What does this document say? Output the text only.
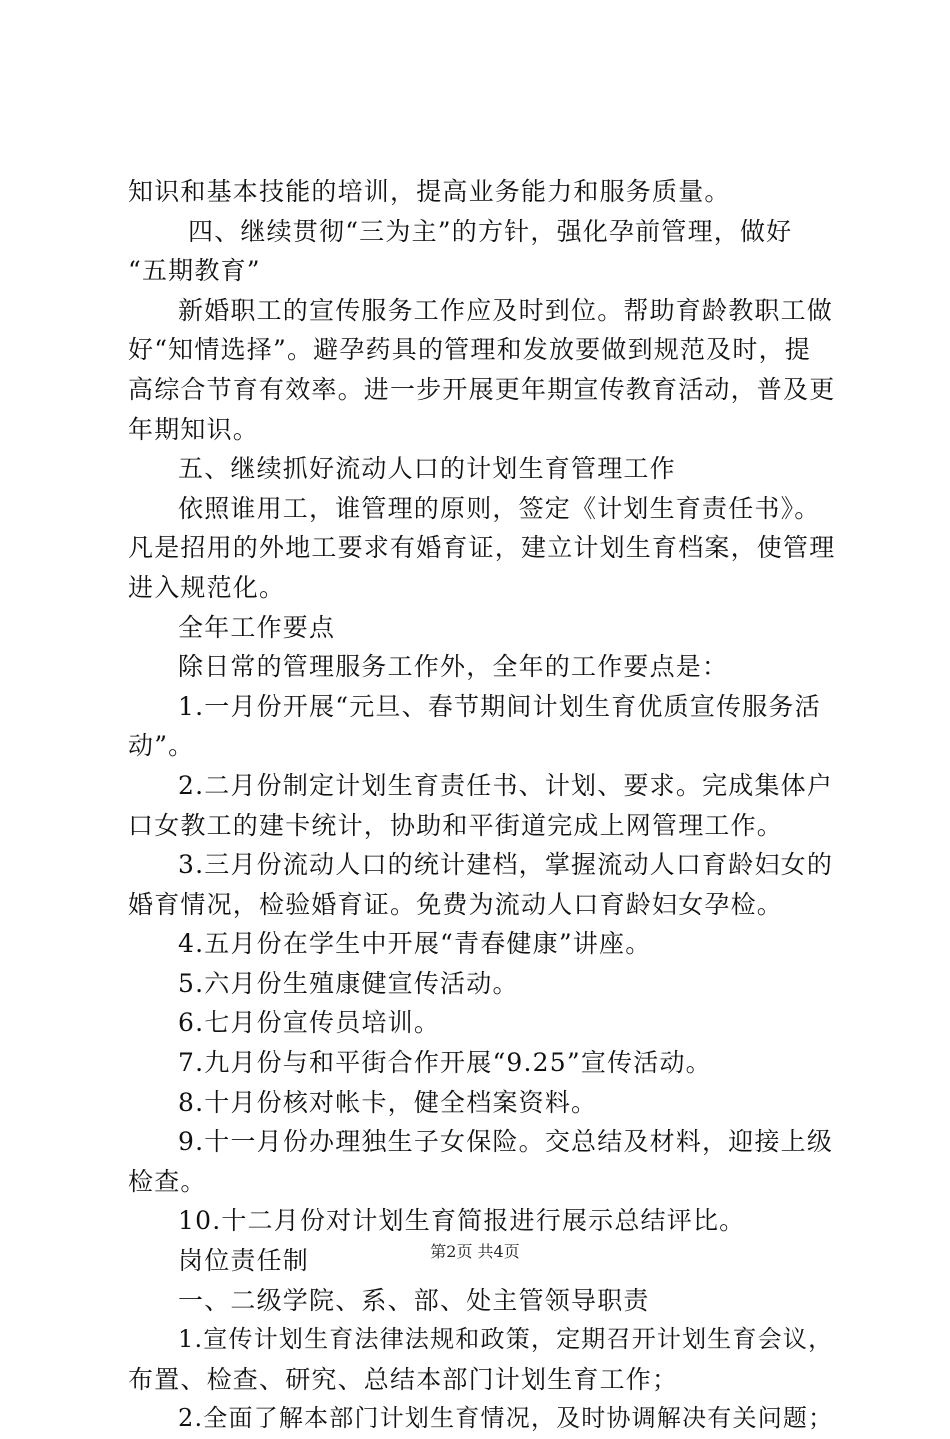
知识和基本技能的培训，提高业务能力和服务质量。
四、继续贯彻“三为主”的方针，强化孕前管理，做好
“五期教育”
新婚职工的宣传服务工作应及时到位。帮助育龄教职工做
好“知情选择”。避孕药具的管理和发放要做到规范及时，提
高综合节育有效率。进一步开展更年期宣传教育活动，普及更
年期知识。
五、继续抓好流动人口的计划生育管理工作
依照谁用工，谁管理的原则，签定《计划生育责任书》。
凡是招用的外地工要求有婚育证，建立计划生育档案，使管理
进入规范化。
全年工作要点
除日常的管理服务工作外，全年的工作要点是：
1.一月份开展“元旦、春节期间计划生育优质宣传服务活
动”。
2.二月份制定计划生育责任书、计划、要求。完成集体户
口女教工的建卡统计，协助和平街道完成上网管理工作。
3.三月份流动人口的统计建档，掌握流动人口育龄妇女的
婚育情况，检验婚育证。免费为流动人口育龄妇女孕检。
4.五月份在学生中开展“青春健康”讲座。
5.六月份生殖康健宣传活动。
6.七月份宣传员培训。
7.九月份与和平街合作开展“9.25”宣传活动。
8.十月份核对帐卡，健全档案资料。
9.十一月份办理独生子女保险。交总结及材料，迎接上级
检查。
10.十二月份对计划生育简报进行展示总结评比。
岗位责任制
一、二级学院、系、部、处主管领导职责
1.宣传计划生育法律法规和政策，定期召开计划生育会议，
布置、检查、研究、总结本部门计划生育工作；
2.全面了解本部门计划生育情况，及时协调解决有关问题；
第2页 共4页
